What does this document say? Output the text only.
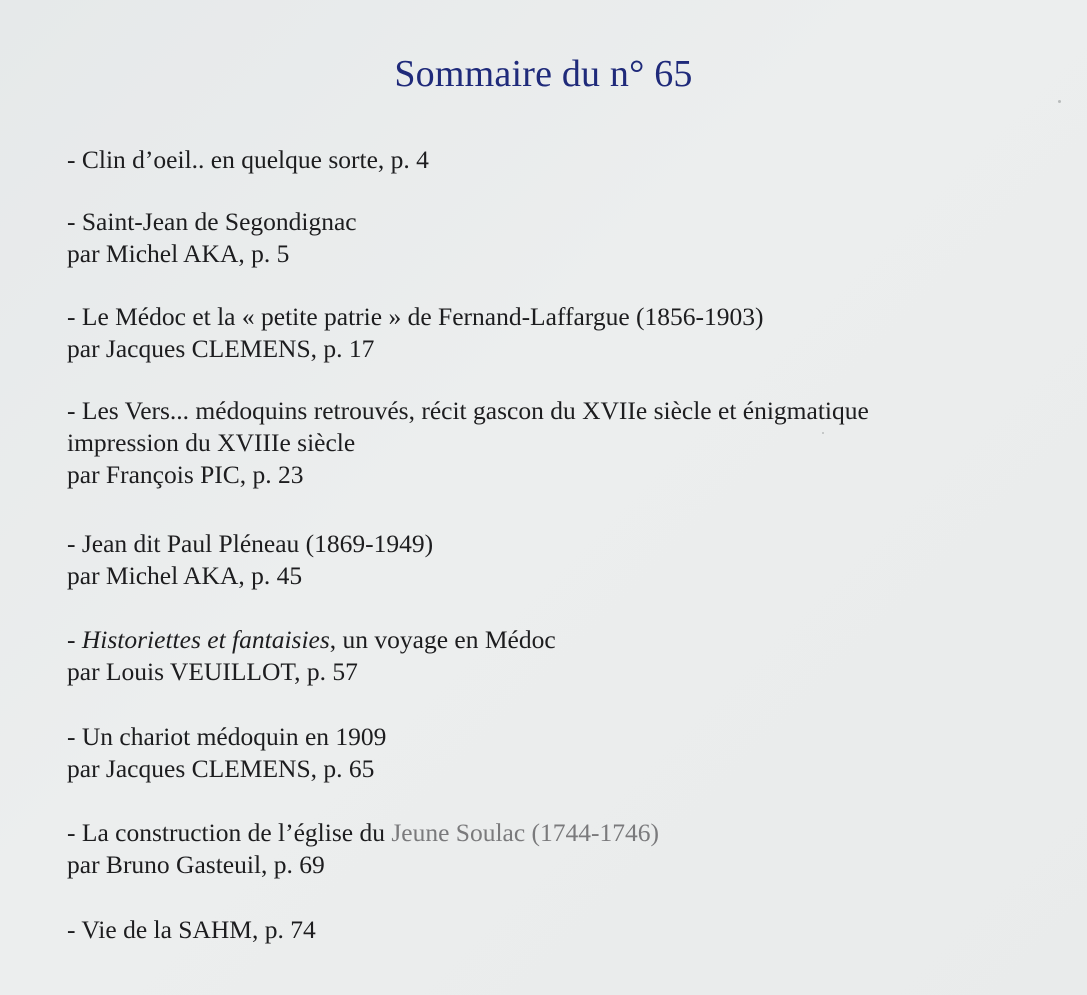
Sommaire du n° 65
- Clin d’oeil.. en quelque sorte, p. 4
- Saint-Jean de Segondignac
par Michel AKA, p. 5
- Le Médoc et la « petite patrie » de Fernand-Laffargue (1856-1903)
par Jacques CLEMENS, p. 17
- Les Vers... médoquins retrouvés, récit gascon du XVIIe siècle et énigmatique
impression du XVIIIe siècle
par François PIC, p. 23
- Jean dit Paul Pléneau (1869-1949)
par Michel AKA, p. 45
- Historiettes et fantaisies, un voyage en Médoc
par Louis VEUILLOT, p. 57
- Un chariot médoquin en 1909
par Jacques CLEMENS, p. 65
- La construction de l’église du Jeune Soulac (1744-1746)
par Bruno Gasteuil, p. 69
- Vie de la SAHM, p. 74
